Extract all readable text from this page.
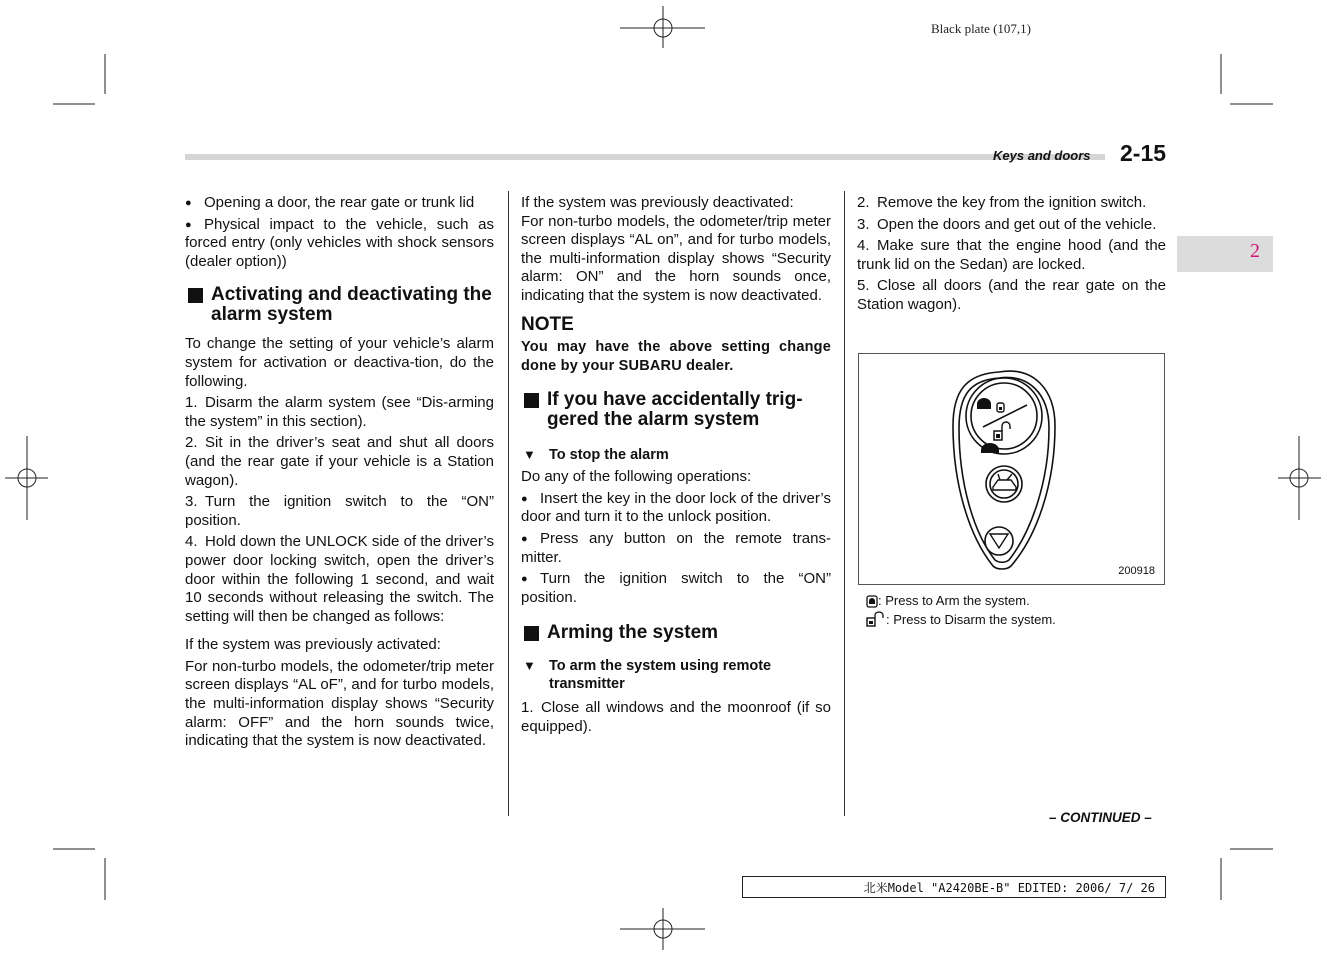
Black plate (107,1)
Keys and doors 2-15
2

● Opening a door, the rear gate or trunk lid

● Physical impact to the vehicle, such as forced entry (only vehicles with shock sensors (dealer option))

Activating and deactivating the alarm system

To change the setting of your vehicle’s alarm system for activation or deactiva-tion, do the following.

1. Disarm the alarm system (see “Dis-arming the system” in this section).

2. Sit in the driver’s seat and shut all doors (and the rear gate if your vehicle is a Station wagon).

3. Turn the ignition switch to the “ON” position.

4. Hold down the UNLOCK side of the driver’s power door locking switch, open the driver’s door within the following 1 second, and wait 10 seconds without releasing the switch. The setting will then be changed as follows:

If the system was previously activated:

For non-turbo models, the odometer/trip meter screen displays “AL oF”, and for turbo models, the multi-information display shows “Security alarm: OFF” and the horn sounds twice, indicating that the system is now deactivated.

If the system was previously deactivated:

For non-turbo models, the odometer/trip meter screen displays “AL on”, and for turbo models, the multi-information display shows “Security alarm: ON” and the horn sounds once, indicating that the system is now deactivated.

NOTE
You may have the above setting change done by your SUBARU dealer.
If you have accidentally trig-gered the alarm system
▼ To stop the alarm

Do any of the following operations:

● Insert the key in the door lock of the driver’s door and turn it to the unlock position.

● Press any button on the remote trans-mitter.

● Turn the ignition switch to the “ON” position.

Arming the system
▼ To arm the system using remote transmitter

1. Close all windows and the moonroof (if so equipped).

2. Remove the key from the ignition switch.

3. Open the doors and get out of the vehicle.

4. Make sure that the engine hood (and the trunk lid on the Sedan) are locked.

5. Close all doors (and the rear gate on the Station wagon).

200918
: Press to Arm the system.
: Press to Disarm the system.
– CONTINUED –
北米Model "A2420BE-B" EDITED: 2006/ 7/ 26
